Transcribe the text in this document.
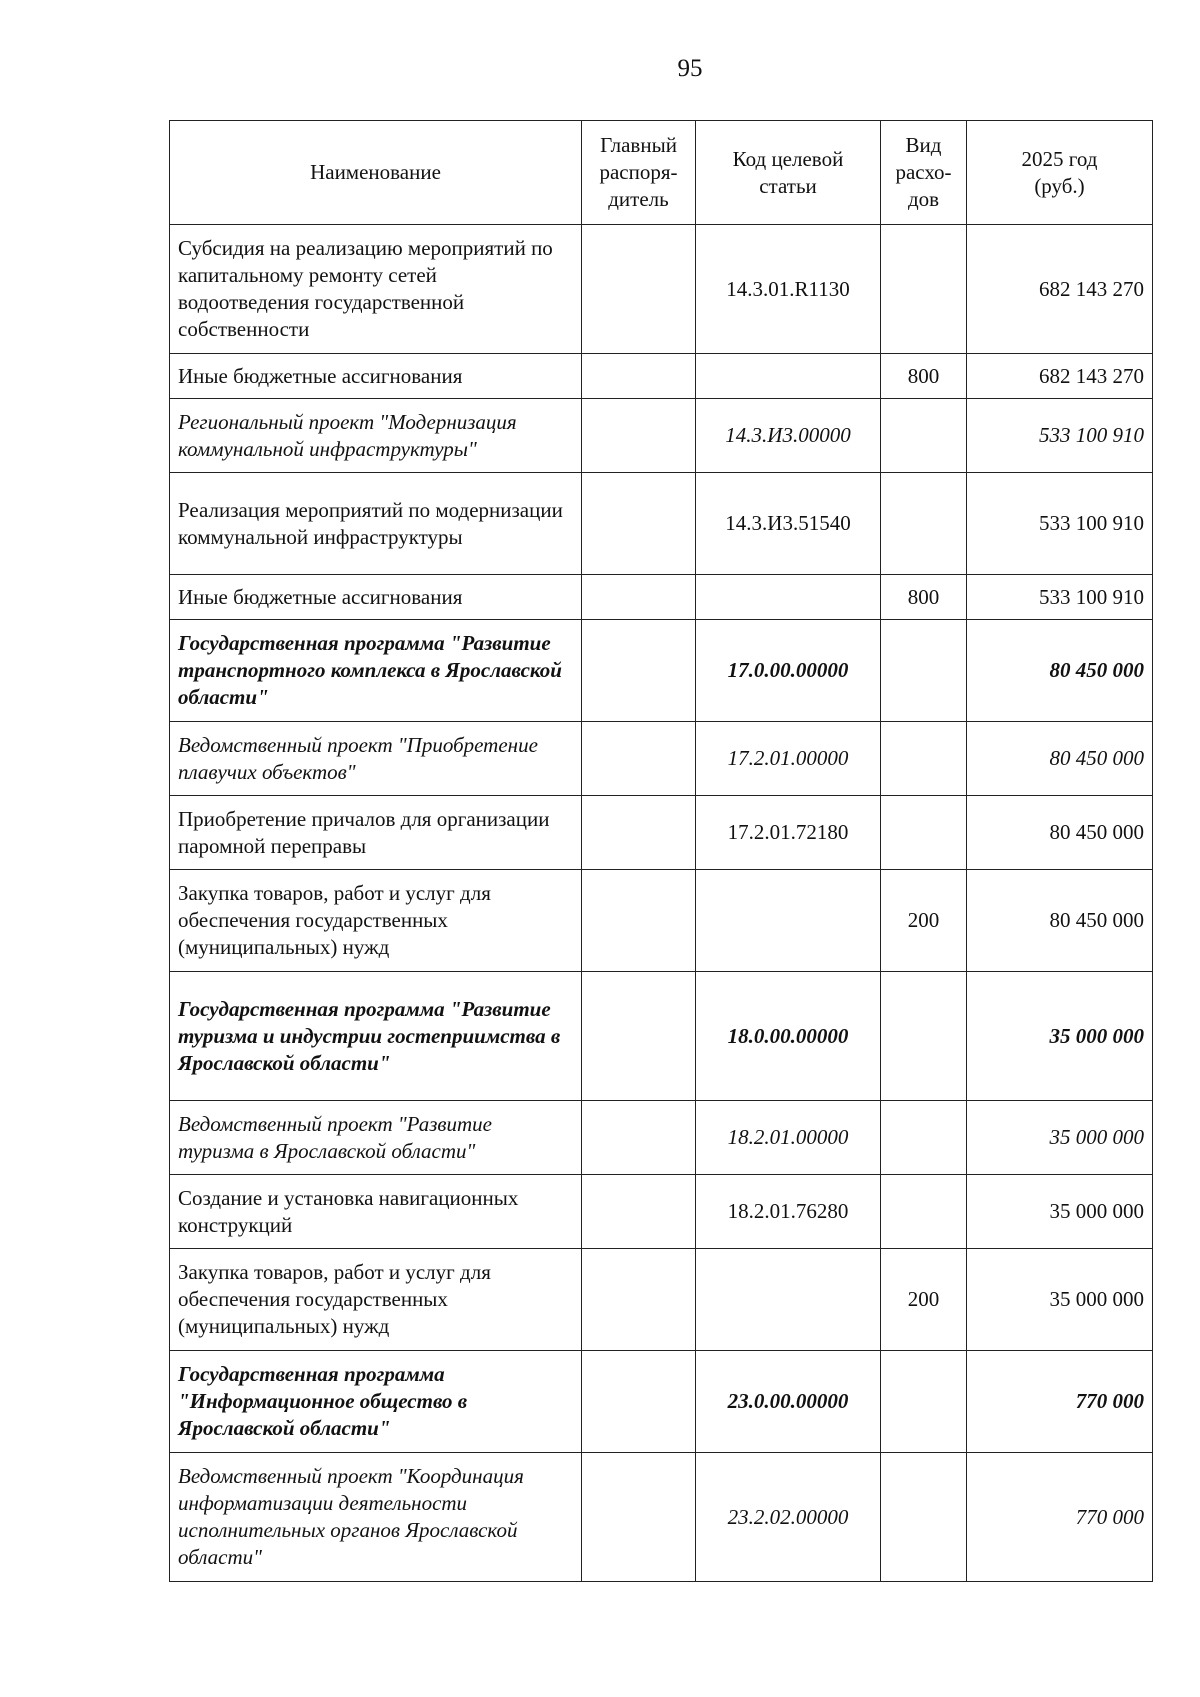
95
Наименование	Главный распоря-дитель	Код целевой статьи	Вид расхо-дов	2025 год (руб.)
Субсидия на реализацию мероприятий по капитальному ремонту сетей водоотведения государственной собственности		14.3.01.R1130		682 143 270
Иные бюджетные ассигнования			800	682 143 270
Региональный проект "Модернизация коммунальной инфраструктуры"		14.3.И3.00000		533 100 910
Реализация мероприятий по модернизации коммунальной инфраструктуры		14.3.И3.51540		533 100 910
Иные бюджетные ассигнования			800	533 100 910
Государственная программа "Развитие транспортного комплекса в Ярославской области"		17.0.00.00000		80 450 000
Ведомственный проект "Приобретение плавучих объектов"		17.2.01.00000		80 450 000
Приобретение причалов для организации паромной переправы		17.2.01.72180		80 450 000
Закупка товаров, работ и услуг для обеспечения государственных (муниципальных) нужд			200	80 450 000
Государственная программа "Развитие туризма и индустрии гостеприимства в Ярославской области"		18.0.00.00000		35 000 000
Ведомственный проект "Развитие туризма в Ярославской области"		18.2.01.00000		35 000 000
Создание и установка навигационных конструкций		18.2.01.76280		35 000 000
Закупка товаров, работ и услуг для обеспечения государственных (муниципальных) нужд			200	35 000 000
Государственная программа "Информационное общество в Ярославской области"		23.0.00.00000		770 000
Ведомственный проект "Координация информатизации деятельности исполнительных органов Ярославской области"		23.2.02.00000		770 000
